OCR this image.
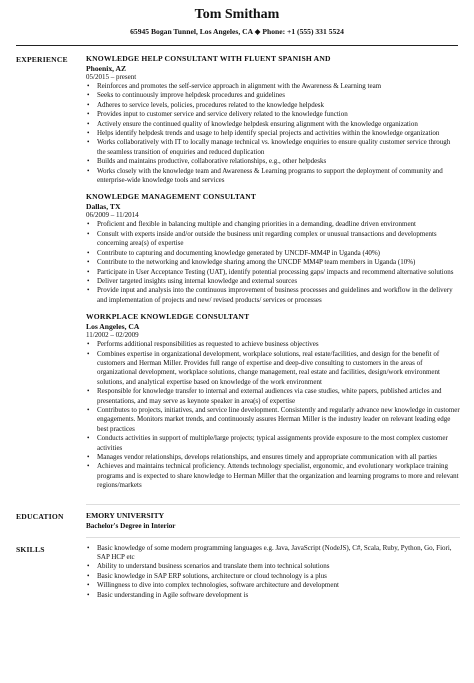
Tom Smitham
65945 Bogan Tunnel, Los Angeles, CA ◆ Phone: +1 (555) 331 5524
EXPERIENCE	KNOWLEDGE HELP CONSULTANT WITH FLUENT SPANISH AND
Phoenix, AZ
05/2015 – present
• Reinforces and promotes the self-service approach in alignment with the Awareness & Learning team
• Seeks to continuously improve helpdesk procedures and guidelines
• Adheres to service levels, policies, procedures related to the knowledge helpdesk
• Provides input to customer service and service delivery related to the knowledge function
• Actively ensure the continued quality of knowledge helpdesk ensuring alignment with the knowledge organization
• Helps identify helpdesk trends and usage to help identify special projects and activities within the knowledge organization
• Works collaboratively with IT to locally manage technical vs. knowledge enquiries to ensure quality customer service through the seamless transition of enquiries and reduced duplication
• Builds and maintains productive, collaborative relationships, e.g., other helpdesks
• Works closely with the knowledge team and Awareness & Learning programs to support the deployment of community and enterprise-wide knowledge tools and services
KNOWLEDGE MANAGEMENT CONSULTANT
Dallas, TX
06/2009 – 11/2014
• Proficient and flexible in balancing multiple and changing priorities in a demanding, deadline driven environment
• Consult with experts inside and/or outside the business unit regarding complex or unusual transactions and developments concerning area(s) of expertise
• Contribute to capturing and documenting knowledge generated by UNCDF-MM4P in Uganda (40%)
• Contribute to the networking and knowledge sharing among the UNCDF MM4P team members in Uganda (10%)
• Participate in User Acceptance Testing (UAT), identify potential processing gaps/ impacts and recommend alternative solutions
• Deliver targeted insights using internal knowledge and external sources
• Provide input and analysis into the continuous improvement of business processes and guidelines and workflow in the delivery and implementation of projects and new/ revised products/ services or processes
WORKPLACE KNOWLEDGE CONSULTANT
Los Angeles, CA
11/2002 – 02/2009
• Performs additional responsibilities as requested to achieve business objectives
• Combines expertise in organizational development, workplace solutions, real estate/facilities, and design for the benefit of customers and Herman Miller. Provides full range of expertise and deep-dive consulting to customers in the areas of organizational development, workplace solutions, change management, real estate and facilities, design/work environment solutions, and analytical expertise based on knowledge of the work environment
• Responsible for knowledge transfer to internal and external audiences via case studies, white papers, published articles and presentations, and may serve as keynote speaker in area(s) of expertise
• Contributes to projects, initiatives, and service line development. Consistently and regularly advance new knowledge in customer engagements. Monitors market trends, and continuously assures Herman Miller is the industry leader on relevant leading edge best practices
• Conducts activities in support of multiple/large projects; typical assignments provide exposure to the most complex customer activities
• Manages vendor relationships, develops relationships, and ensures timely and appropriate communication with all parties
• Achieves and maintains technical proficiency. Attends technology specialist, ergonomic, and evolutionary workplace training programs and is expected to share knowledge to Herman Miller that the organization and learning programs to more and relevant regions/markets
EDUCATION	EMORY UNIVERSITY
Bachelor's Degree in Interior
SKILLS	• Basic knowledge of some modern programming languages e.g. Java, JavaScript (NodeJS), C#, Scala, Ruby, Python, Go, Fiori, SAP HCP etc
• Ability to understand business scenarios and translate them into technical solutions
• Basic knowledge in SAP ERP solutions, architecture or cloud technology is a plus
• Willingness to dive into complex technologies, software architecture and development
• Basic understanding in Agile software development is
